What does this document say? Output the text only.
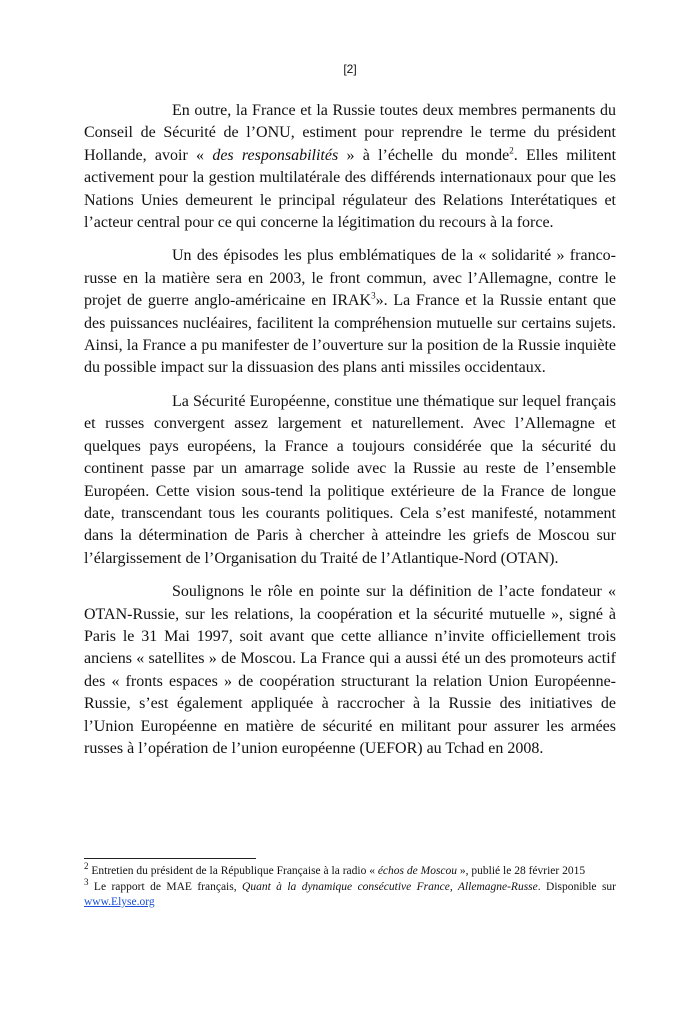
[2]

En outre, la France et la Russie toutes deux membres permanents du Conseil de Sécurité de l’ONU, estiment pour reprendre le terme du président Hollande, avoir « des responsabilités » à l’échelle du monde$^2$. Elles militent activement pour la gestion multilatérale des différends internationaux pour que les Nations Unies demeurent le principal régulateur des Relations Interétatiques et l’acteur central pour ce qui concerne la légitimation du recours à la force.

Un des épisodes les plus emblématiques de la « solidarité » franco-russe en la matière sera en 2003, le front commun, avec l’Allemagne, contre le projet de guerre anglo-américaine en IRAK$^3$». La France et la Russie entant que des puissances nucléaires, facilitent la compréhension mutuelle sur certains sujets. Ainsi, la France a pu manifester de l’ouverture sur la position de la Russie inquiète du possible impact sur la dissuasion des plans anti missiles occidentaux.

La Sécurité Européenne, constitue une thématique sur lequel français et russes convergent assez largement et naturellement. Avec l’Allemagne et quelques pays européens, la France a toujours considérée que la sécurité du continent passe par un amarrage solide avec la Russie au reste de l’ensemble Européen. Cette vision sous-tend la politique extérieure de la France de longue date, transcendant tous les courants politiques. Cela s’est manifesté, notamment dans la détermination de Paris à chercher à atteindre les griefs de Moscou sur l’élargissement de l’Organisation du Traité de l’Atlantique-Nord (OTAN).

Soulignons le rôle en pointe sur la définition de l’acte fondateur « OTAN-Russie, sur les relations, la coopération et la sécurité mutuelle », signé à Paris le 31 Mai 1997, soit avant que cette alliance n’invite officiellement trois anciens « satellites » de Moscou. La France qui a aussi été un des promoteurs actif des « fronts espaces » de coopération structurant la relation Union Européenne-Russie, s’est également appliquée à raccrocher à la Russie des initiatives de l’Union Européenne en matière de sécurité en militant pour assurer les armées russes à l’opération de l’union européenne (UEFOR) au Tchad en 2008.

$^2$ Entretien du président de la République Française à la radio « échos de Moscou », publié le 28 février 2015

$^3$ Le rapport de MAE français, Quant à la dynamique consécutive France, Allemagne-Russe. Disponible sur www.Elyse.org
